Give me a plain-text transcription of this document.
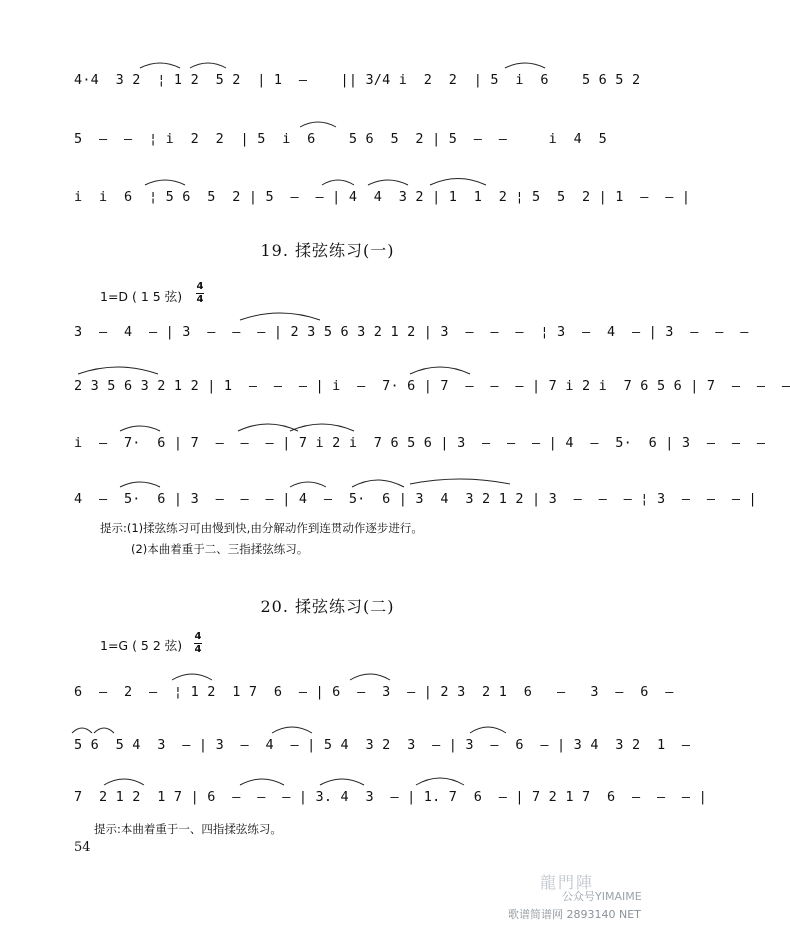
4·4  3 2  ¦ 1 2  5 2  | 1  –    || 3/4 i  2  2  | 5  i  6    5 6 5 2
5  –  –  ¦ i  2  2  | 5  i  6    5 6  5  2 | 5  –  –     i  4  5
i  i  6  ¦ 5 6  5  2 | 5  –  – | 4  4  3 2 | 1  1  2 ¦ 5  5  2 | 1  –  – |
19. 揉弦练习(一)
1=D ( 1 5 弦)
4
4
3  –  4  – | 3  –  –  – | 2 3 5 6 3 2 1 2 | 3  –  –  –  ¦ 3  –  4  – | 3  –  –  –
2 3 5 6 3 2 1 2 | 1  –  –  – | i  –  7· 6 | 7  –  –  – | 7 i 2 i  7 6 5 6 | 7  –  –  –
i  –  7·  6 | 7  –  –  – | 7 i 2 i  7 6 5 6 | 3  –  –  – | 4  –  5·  6 | 3  –  –  –
4  –  5·  6 | 3  –  –  – | 4  –  5·  6 | 3  4  3 2 1 2 | 3  –  –  – ¦ 3  –  –  – |
提示:(1)揉弦练习可由慢到快,由分解动作到连贯动作逐步进行。
(2)本曲着重于二、三指揉弦练习。
20. 揉弦练习(二)
1=G ( 5 2 弦)
4
4
6  –  2  –  ¦ 1 2  1 7  6  – | 6  –  3  – | 2 3  2 1  6   –   3  –  6  –
5 6  5 4  3  – | 3  –  4  – | 5 4  3 2  3  – | 3  –  6  – | 3 4  3 2  1  –
7  2 1 2  1 7 | 6  –  –  – | 3. 4  3  – | 1. 7  6  – | 7 2 1 7  6  –  –  – |
提示:本曲着重于一、四指揉弦练习。
54
龍門陣
公众号YIMAIME
歌谱简谱网 2893140 NET
